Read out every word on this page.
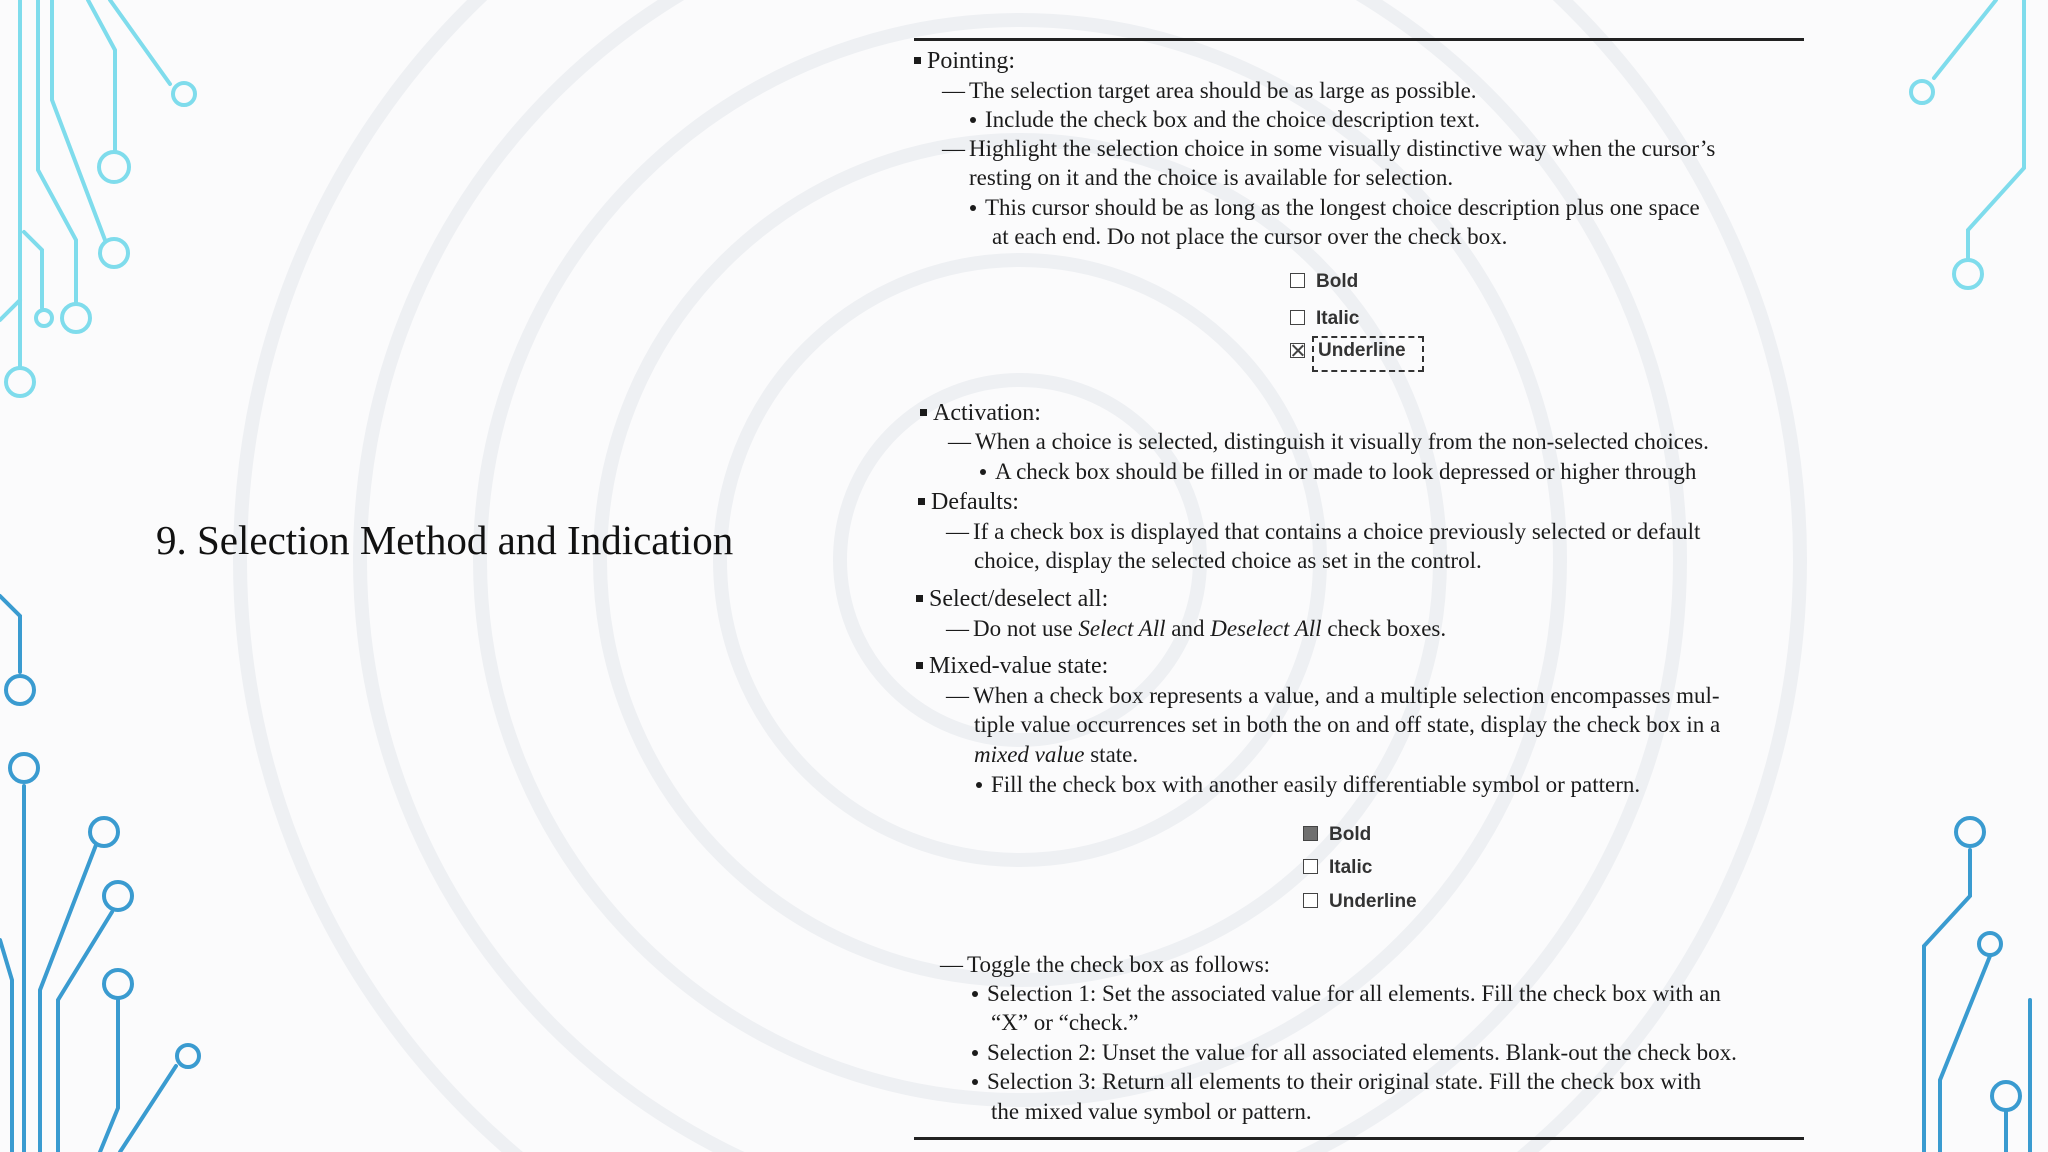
9. Selection Method and Indication
Pointing:
— The selection target area should be as large as possible.
Include the check box and the choice description text.
— Highlight the selection choice in some visually distinctive way when the cursor’s
resting on it and the choice is available for selection.
This cursor should be as long as the longest choice description plus one space
at each end. Do not place the cursor over the check box.
Bold
Italic
Underline
Activation:
— When a choice is selected, distinguish it visually from the non-selected choices.
A check box should be filled in or made to look depressed or higher through
Defaults:
— If a check box is displayed that contains a choice previously selected or default
choice, display the selected choice as set in the control.
Select/deselect all:
— Do not use Select All and Deselect All check boxes.
Mixed-value state:
— When a check box represents a value, and a multiple selection encompasses mul-
tiple value occurrences set in both the on and off state, display the check box in a
mixed value state.
Fill the check box with another easily differentiable symbol or pattern.
Bold
Italic
Underline
— Toggle the check box as follows:
Selection 1: Set the associated value for all elements. Fill the check box with an
“X” or “check.”
Selection 2: Unset the value for all associated elements. Blank-out the check box.
Selection 3: Return all elements to their original state. Fill the check box with
the mixed value symbol or pattern.
